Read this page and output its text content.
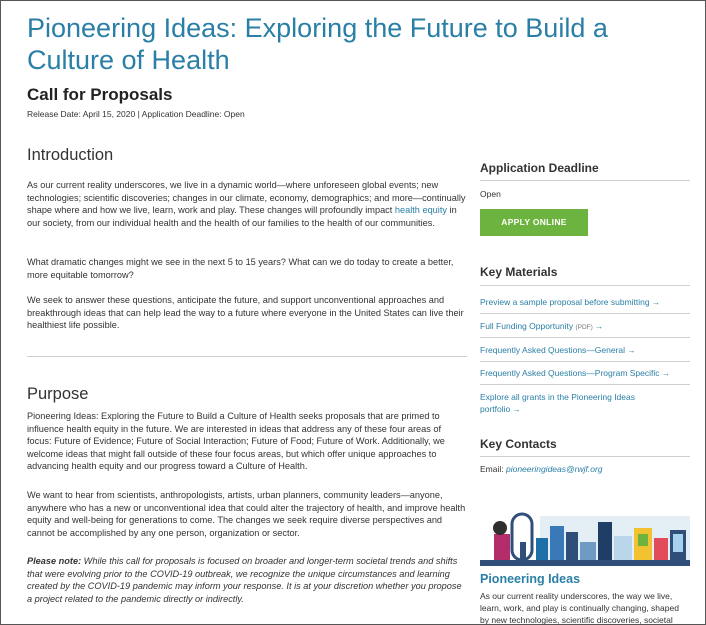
Pioneering Ideas: Exploring the Future to Build a Culture of Health
Call for Proposals
Release Date: April 15, 2020 | Application Deadline: Open
Introduction

As our current reality underscores, we live in a dynamic world—where unforeseen global events; new technologies; scientific discoveries; changes in our climate, economy, demographics; and more—continually shape where and how we live, learn, work and play. These changes will profoundly impact health equity in our society, from our individual health and the health of our families to the health of our communities.

What dramatic changes might we see in the next 5 to 15 years? What can we do today to create a better, more equitable tomorrow?

We seek to answer these questions, anticipate the future, and support unconventional approaches and breakthrough ideas that can help lead the way to a future where everyone in the United States can live their healthiest life possible.

Purpose

Pioneering Ideas: Exploring the Future to Build a Culture of Health seeks proposals that are primed to influence health equity in the future. We are interested in ideas that address any of these four areas of focus: Future of Evidence; Future of Social Interaction; Future of Food; Future of Work. Additionally, we welcome ideas that might fall outside of these four focus areas, but which offer unique approaches to advancing health equity and our progress toward a Culture of Health.

We want to hear from scientists, anthropologists, artists, urban planners, community leaders—anyone, anywhere who has a new or unconventional idea that could alter the trajectory of health, and improve health equity and well-being for generations to come. The changes we seek require diverse perspectives and cannot be accomplished by any one person, organization or sector.

Please note: While this call for proposals is focused on broader and longer-term societal trends and shifts that were evolving prior to the COVID-19 outbreak, we recognize the unique circumstances and learning created by the COVID-19 pandemic may inform your response. It is at your discretion whether you propose a project related to the pandemic directly or indirectly.

Application Deadline
Open
APPLY ONLINE
Key Materials
Preview a sample proposal before submitting →
Full Funding Opportunity (PDF) →
Frequently Asked Questions—General →
Frequently Asked Questions—Program Specific →
Explore all grants in the Pioneering Ideas portfolio →
Key Contacts
Email: pioneeringideas@rwjf.org
Pioneering Ideas

As our current reality underscores, the way we live, learn, work, and play is continually changing, shaped by new technologies, scientific discoveries, societal
